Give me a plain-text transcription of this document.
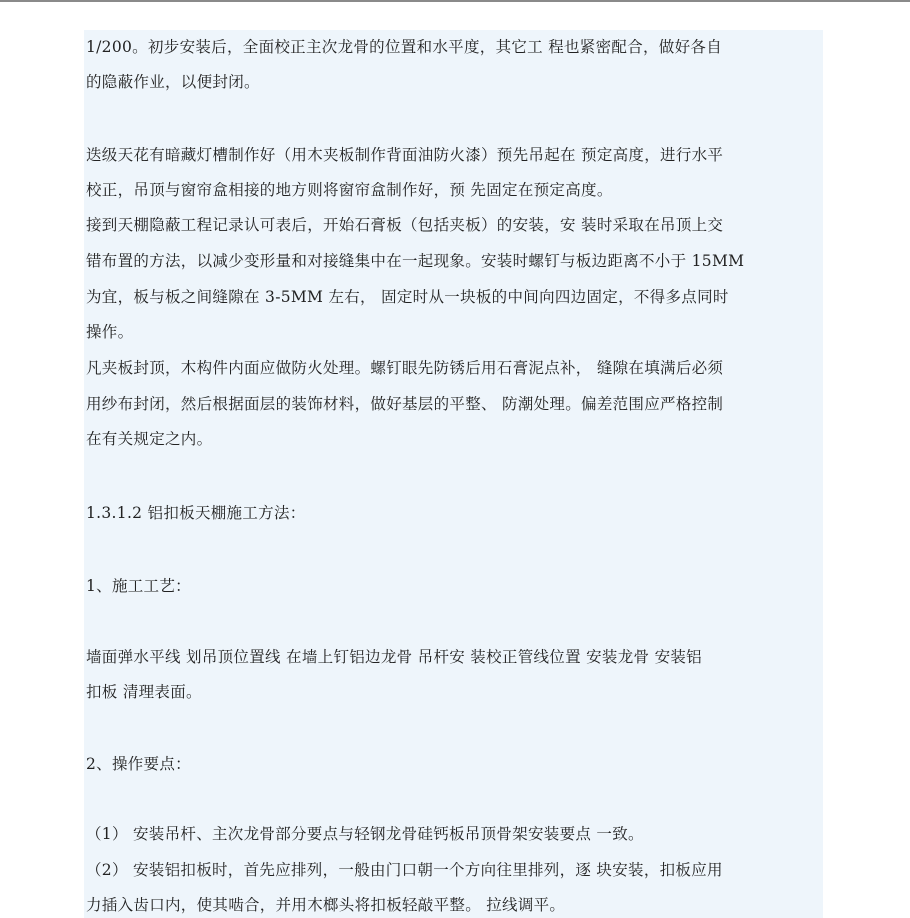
1/200。初步安装后，全面校正主次龙骨的位置和水平度，其它工 程也紧密配合，做好各自
的隐蔽作业，以便封闭。
迭级天花有暗藏灯槽制作好（用木夹板制作背面油防火漆）预先吊起在 预定高度，进行水平
校正，吊顶与窗帘盒相接的地方则将窗帘盒制作好，预 先固定在预定高度。
接到天棚隐蔽工程记录认可表后，开始石膏板（包括夹板）的安装，安 装时采取在吊顶上交
错布置的方法，以减少变形量和对接缝集中在一起现象。安装时螺钉与板边距离不小于 15MM
为宜，板与板之间缝隙在 3-5MM 左右， 固定时从一块板的中间向四边固定，不得多点同时
操作。
凡夹板封顶，木构件内面应做防火处理。螺钉眼先防锈后用石膏泥点补， 缝隙在填满后必须
用纱布封闭，然后根据面层的装饰材料，做好基层的平整、 防潮处理。偏差范围应严格控制
在有关规定之内。
1.3.1.2 铝扣板天棚施工方法：
1、施工工艺：
墙面弹水平线 划吊顶位置线 在墙上钉铝边龙骨 吊杆安 装校正管线位置 安装龙骨 安装铝
扣板 清理表面。
2、操作要点：
（1） 安装吊杆、主次龙骨部分要点与轻钢龙骨硅钙板吊顶骨架安装要点 一致。
（2） 安装铝扣板时，首先应排列，一般由门口朝一个方向往里排列，逐 块安装，扣板应用
力插入齿口内，使其啮合，并用木榔头将扣板轻敲平整。 拉线调平。
